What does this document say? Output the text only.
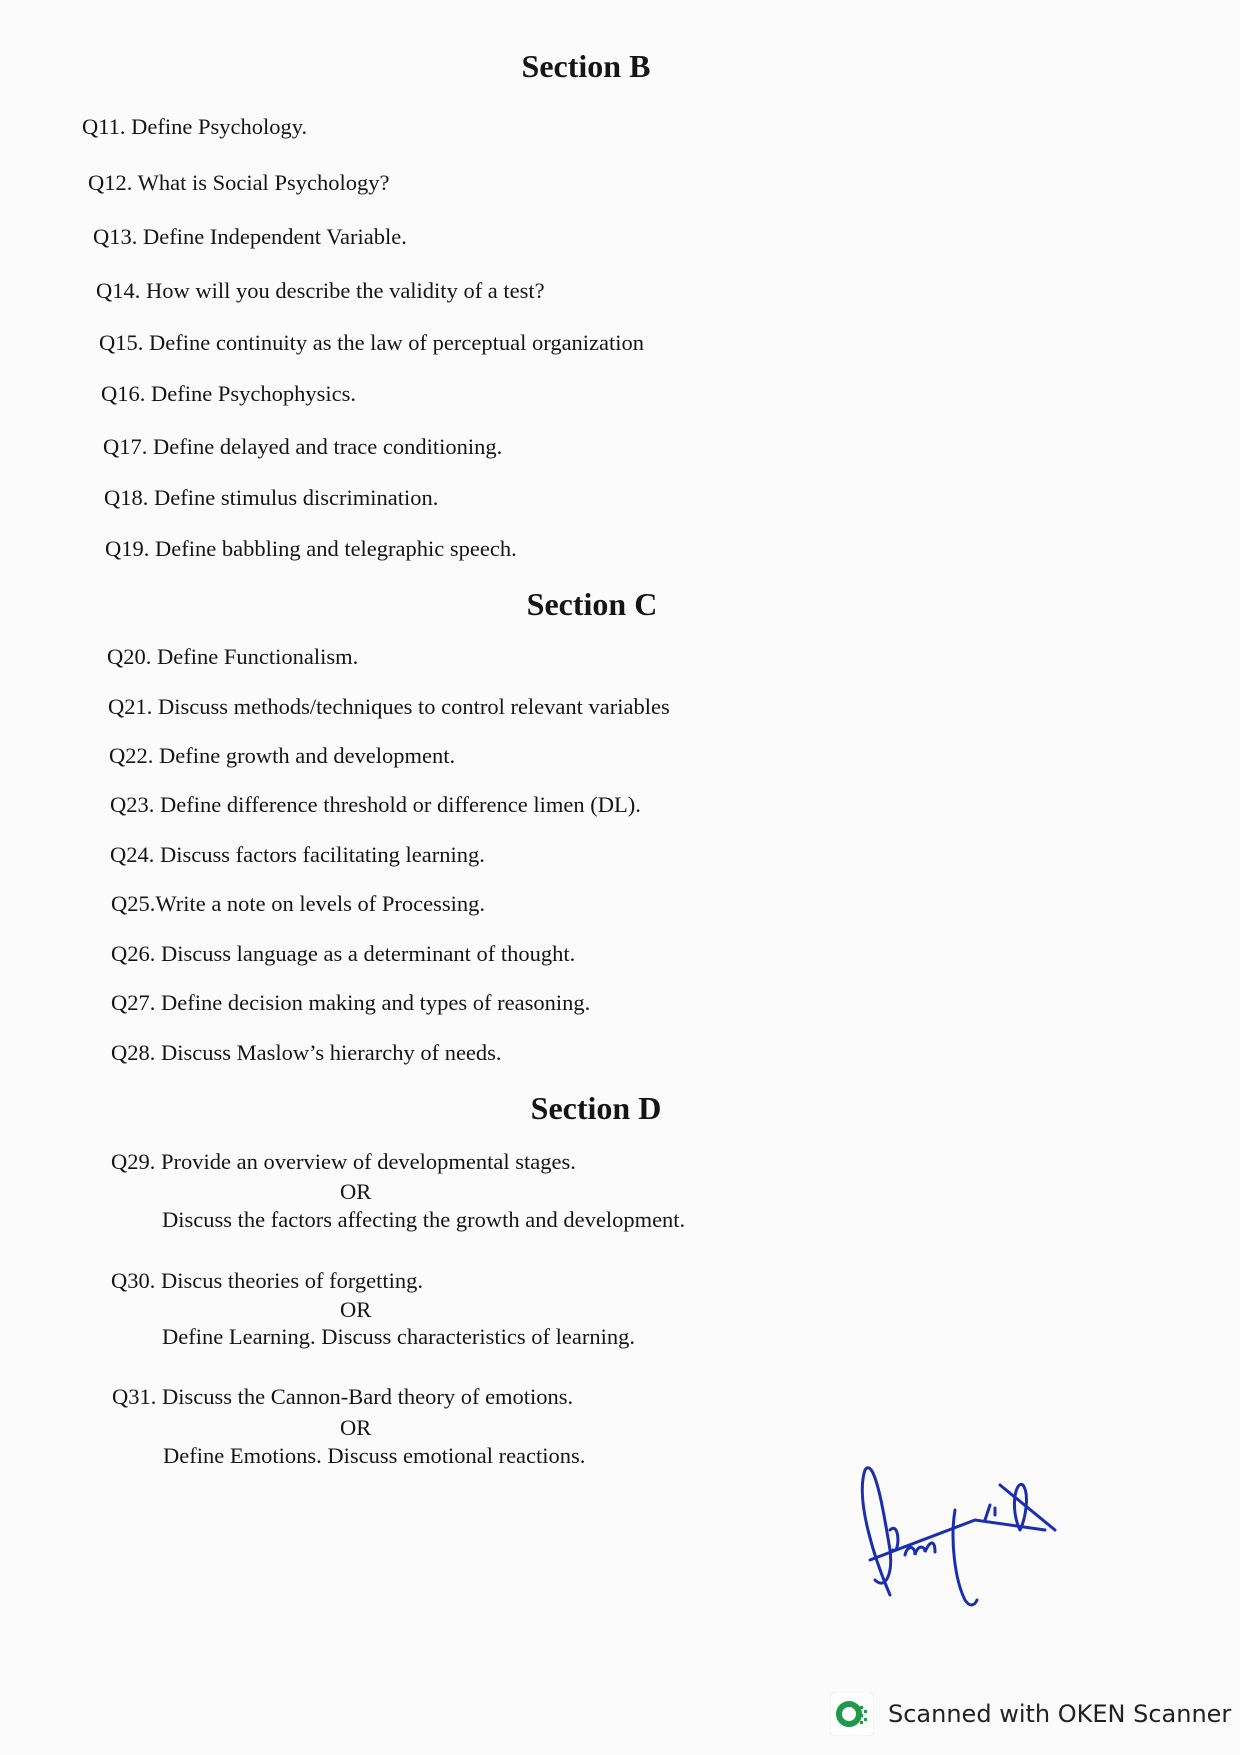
Section B
Q11. Define Psychology.
Q12. What is Social Psychology?
Q13. Define Independent Variable.
Q14. How will you describe the validity of a test?
Q15. Define continuity as the law of perceptual organization
Q16. Define Psychophysics.
Q17. Define delayed and trace conditioning.
Q18. Define stimulus discrimination.
Q19. Define babbling and telegraphic speech.
Section C
Q20. Define Functionalism.
Q21. Discuss methods/techniques to control relevant variables
Q22. Define growth and development.
Q23. Define difference threshold or difference limen (DL).
Q24. Discuss factors facilitating learning.
Q25.Write a note on levels of Processing.
Q26. Discuss language as a determinant of thought.
Q27. Define decision making and types of reasoning.
Q28. Discuss Maslow’s hierarchy of needs.
Section D
Q29. Provide an overview of developmental stages.
OR
Discuss the factors affecting the growth and development.
Q30. Discus theories of forgetting.
OR
Define Learning. Discuss characteristics of learning.
Q31. Discuss the Cannon-Bard theory of emotions.
OR
Define Emotions. Discuss emotional reactions.
Scanned with OKEN Scanner
